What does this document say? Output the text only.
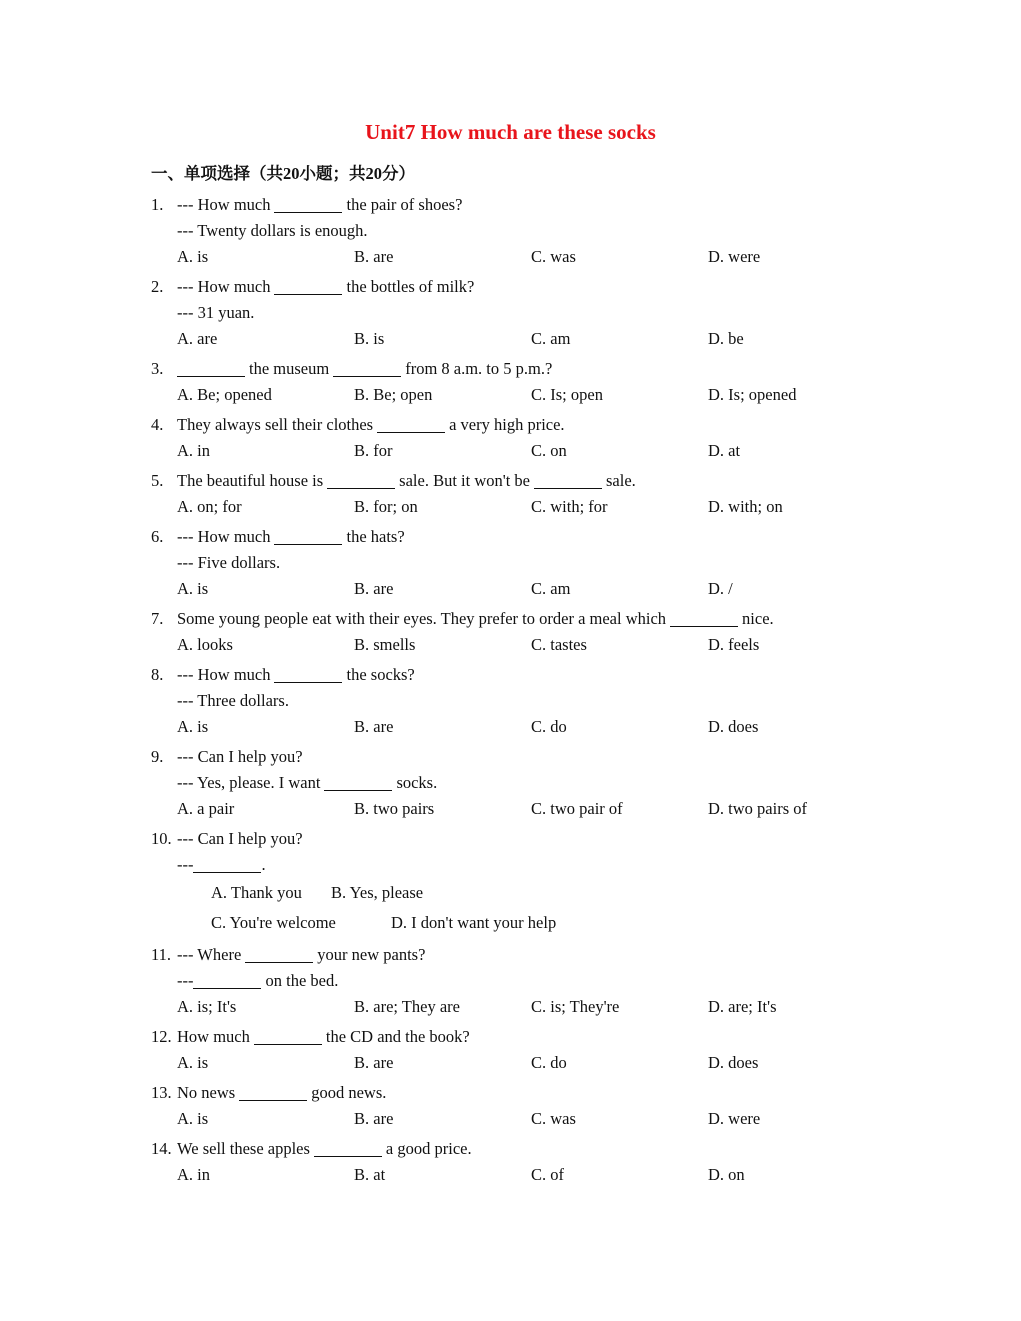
Unit7 How much are these socks
一、单项选择（共20小题；共20分）
1. --- How much	the pair of shoes?
--- Twenty dollars is enough.
A. is	B. are	C. was	D. were
2. --- How much	the bottles of milk?
--- 31 yuan.
A. are	B. is	C. am	D. be
3.	the museum	from 8 a.m. to 5 p.m.?
A. Be; opened	B. Be; open	C. Is; open	D. Is; opened
4. They always sell their clothes	a very high price.
A. in	B. for	C. on	D. at
5. The beautiful house is	sale. But it won't be	sale.
A. on; for	B. for; on	C. with; for	D. with; on
6. --- How much	the hats?
--- Five dollars.
A. is	B. are	C. am	D. /
7. Some young people eat with their eyes. They prefer to order a meal which	nice.
A. looks	B. smells	C. tastes	D. feels
8. --- How much	the socks?
--- Three dollars.
A. is	B. are	C. do	D. does
9. --- Can I help you?
--- Yes, please. I want	socks.
A. a pair	B. two pairs	C. two pair of	D. two pairs of
10. --- Can I help you?
---	.
A. Thank you B. Yes, please
C. You're welcome	D. I don't want your help
11. --- Where	your new pants?
---	on the bed.
A. is; It's	B. are; They are	C. is; They're	D. are; It's
12. How much	the CD and the book?
A. is	B. are	C. do	D. does
13. No news	good news.
A. is	B. are	C. was	D. were
14. We sell these apples	a good price.
A. in	B. at	C. of	D. on
